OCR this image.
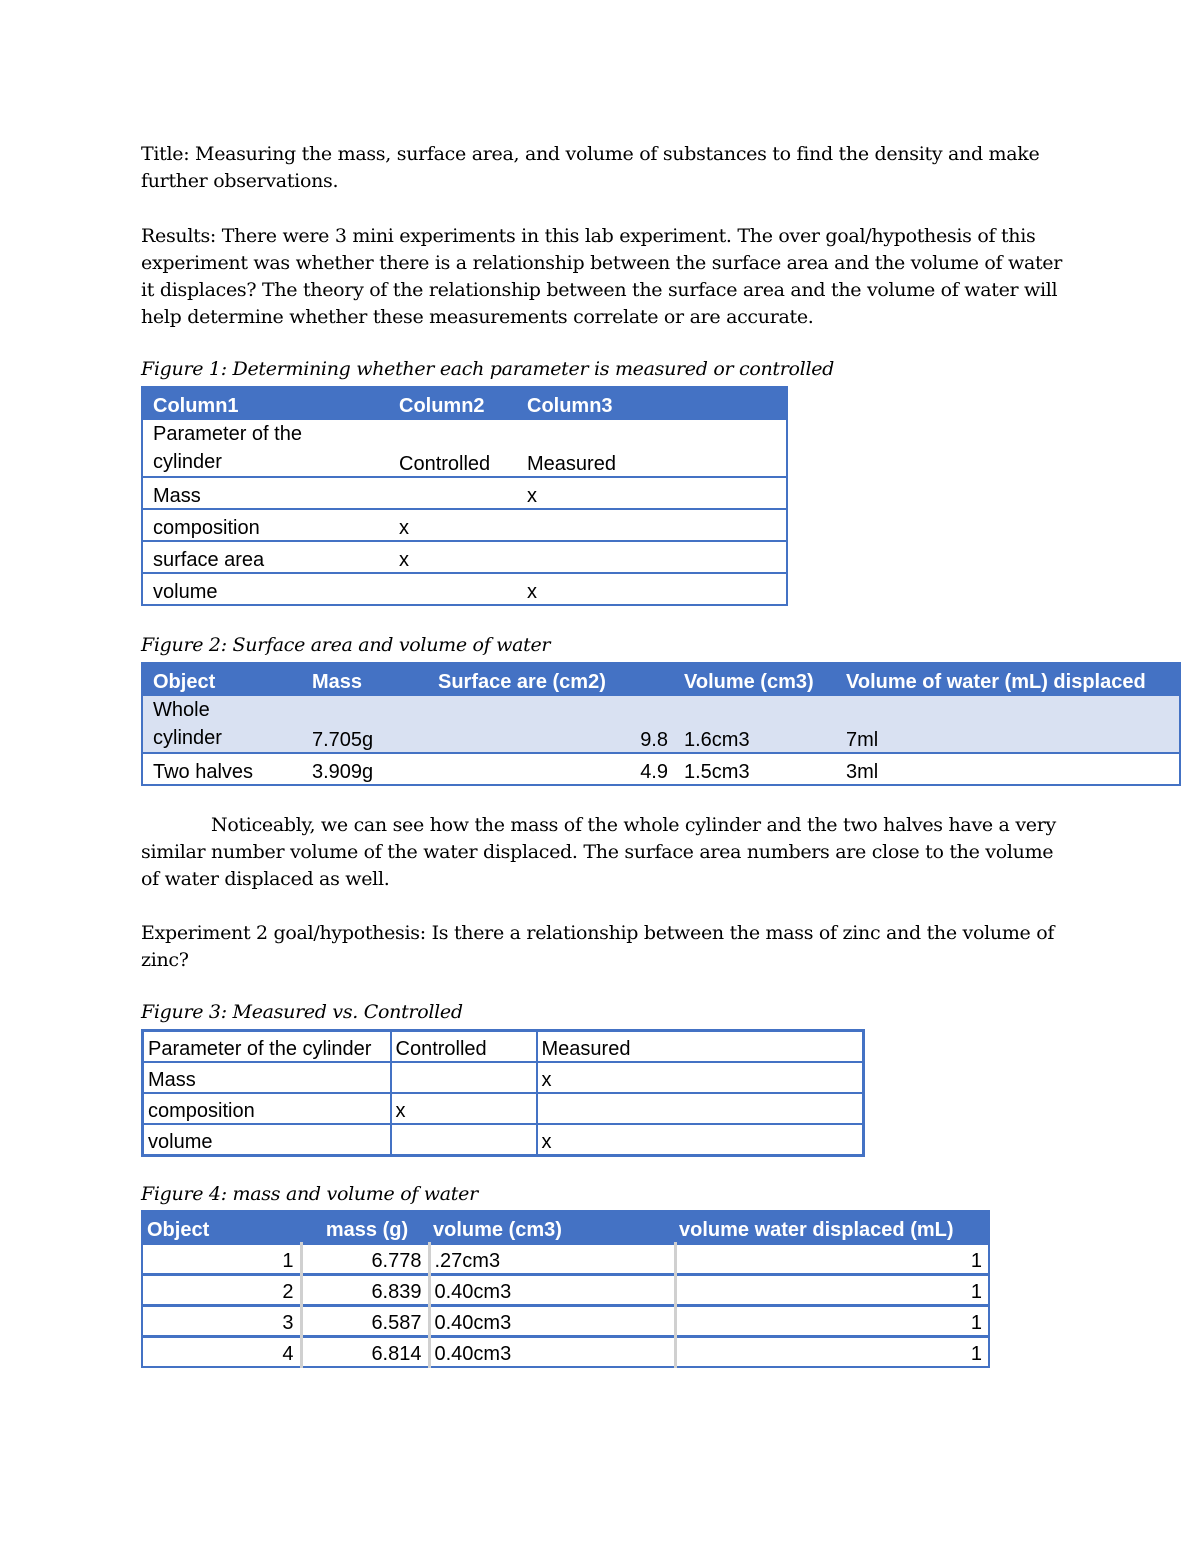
Title: Measuring the mass, surface area, and volume of substances to find the density and make further observations.

Results: There were 3 mini experiments in this lab experiment. The over goal/hypothesis of this experiment was whether there is a relationship between the surface area and the volume of water it displaces? The theory of the relationship between the surface area and the volume of water will help determine whether these measurements correlate or are accurate.

Figure 1: Determining whether each parameter is measured or controlled
Column1	Column2	Column3

Parameter of the
cylinder	Controlled	Measured
Mass		x
composition	x	
surface area	x	
volume		x
Figure 2: Surface area and volume of water
Object	Mass	Surface are (cm2)	Volume (cm3)	Volume of water (mL) displaced

Whole
cylinder	7.705g	9.8	1.6cm3	7ml
Two halves	3.909g	4.9	1.5cm3	3ml

Noticeably, we can see how the mass of the whole cylinder and the two halves have a very similar number volume of the water displaced. The surface area numbers are close to the volume of water displaced as well.

Experiment 2 goal/hypothesis: Is there a relationship between the mass of zinc and the volume of zinc?

Figure 3: Measured vs. Controlled
Parameter of the cylinder	Controlled	Measured
Mass		x
composition	x	
volume		x
Figure 4: mass and volume of water
Object	mass (g)	volume (cm3)	volume water displaced (mL)
1	6.778	.27cm3	1
2	6.839	0.40cm3	1
3	6.587	0.40cm3	1
4	6.814	0.40cm3	1
